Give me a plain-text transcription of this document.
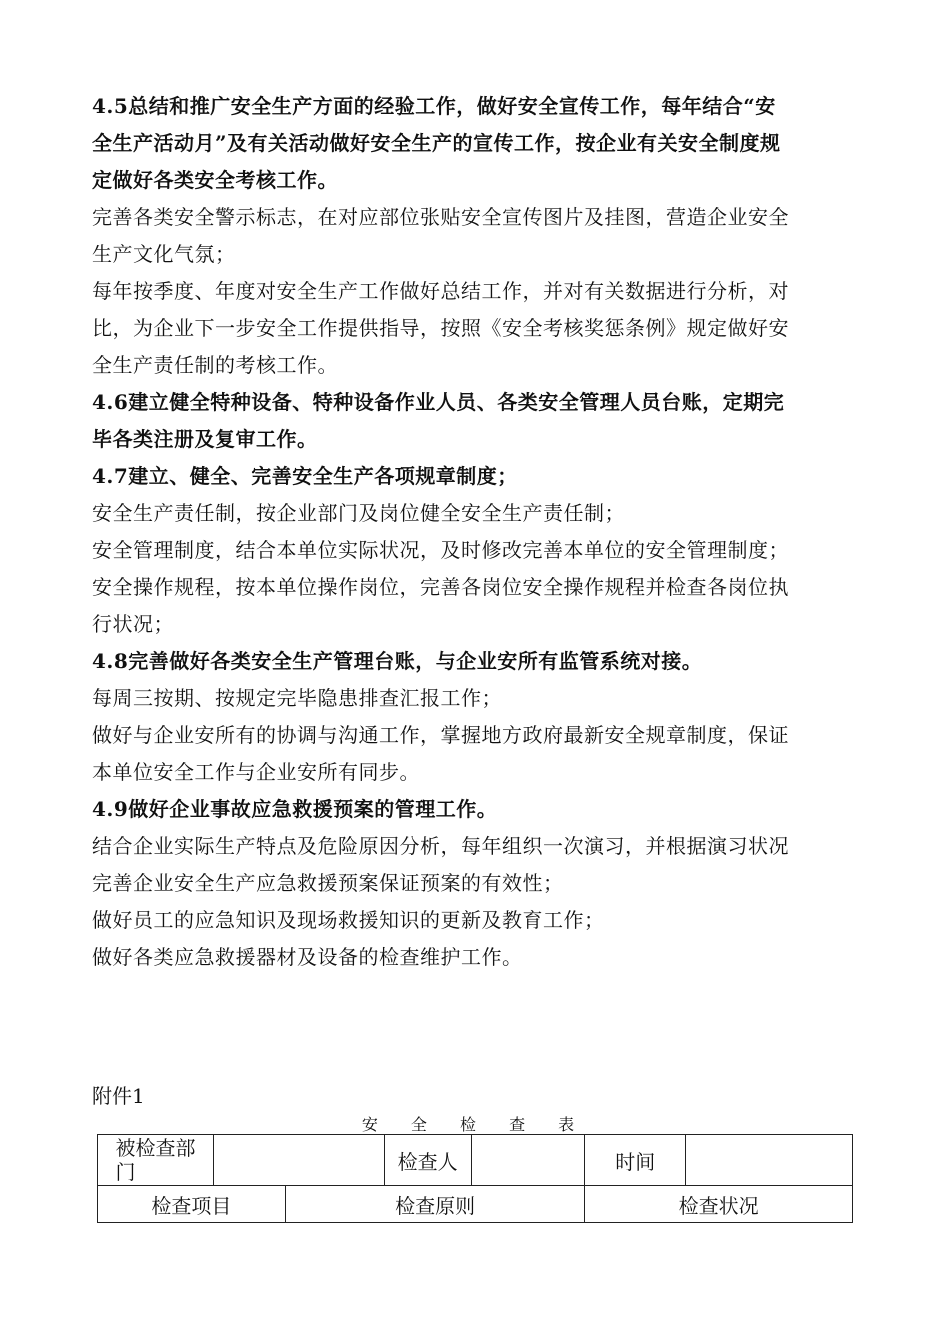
4.5总结和推广安全生产方面的经验工作，做好安全宣传工作，每年结合“安
全生产活动月”及有关活动做好安全生产的宣传工作，按企业有关安全制度规
定做好各类安全考核工作。
完善各类安全警示标志，在对应部位张贴安全宣传图片及挂图，营造企业安全
生产文化气氛；
每年按季度、年度对安全生产工作做好总结工作，并对有关数据进行分析，对
比，为企业下一步安全工作提供指导，按照《安全考核奖惩条例》规定做好安
全生产责任制的考核工作。
4.6建立健全特种设备、特种设备作业人员、各类安全管理人员台账，定期完
毕各类注册及复审工作。
4.7建立、健全、完善安全生产各项规章制度；
安全生产责任制，按企业部门及岗位健全安全生产责任制；
安全管理制度，结合本单位实际状况，及时修改完善本单位的安全管理制度；
安全操作规程，按本单位操作岗位，完善各岗位安全操作规程并检查各岗位执
行状况；
4.8完善做好各类安全生产管理台账，与企业安所有监管系统对接。
每周三按期、按规定完毕隐患排查汇报工作；
做好与企业安所有的协调与沟通工作，掌握地方政府最新安全规章制度，保证
本单位安全工作与企业安所有同步。
4.9做好企业事故应急救援预案的管理工作。
结合企业实际生产特点及危险原因分析，每年组织一次演习，并根据演习状况
完善企业安全生产应急救援预案保证预案的有效性；
做好员工的应急知识及现场救援知识的更新及教育工作；
做好各类应急救援器材及设备的检查维护工作。
附件1
安 全 检 查 表
被检查部
门			检查人		时间	
检查项目		检查原则			检查状况	
